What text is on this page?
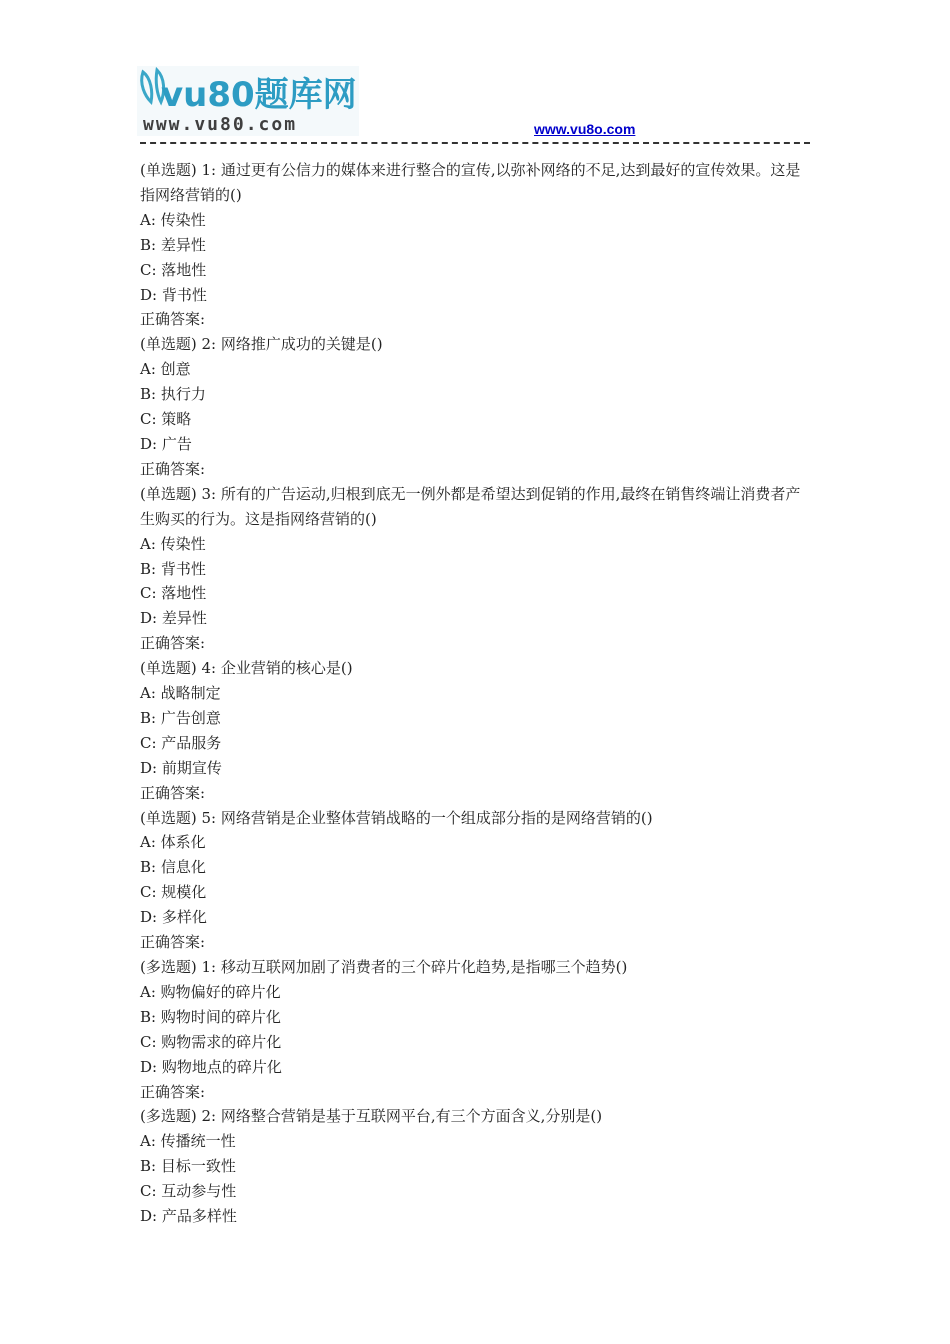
vu80题库网
www.vu80.com	www.vu8o.com
(单选题) 1: 通过更有公信力的媒体来进行整合的宣传,以弥补网络的不足,达到最好的宣传效果。这是指网络营销的()
A: 传染性
B: 差异性
C: 落地性
D: 背书性
正确答案:
(单选题) 2: 网络推广成功的关键是()
A: 创意
B: 执行力
C: 策略
D: 广告
正确答案:
(单选题) 3: 所有的广告运动,归根到底无一例外都是希望达到促销的作用,最终在销售终端让消费者产生购买的行为。这是指网络营销的()
A: 传染性
B: 背书性
C: 落地性
D: 差异性
正确答案:
(单选题) 4: 企业营销的核心是()
A: 战略制定
B: 广告创意
C: 产品服务
D: 前期宣传
正确答案:
(单选题) 5: 网络营销是企业整体营销战略的一个组成部分指的是网络营销的()
A: 体系化
B: 信息化
C: 规模化
D: 多样化
正确答案:
(多选题) 1: 移动互联网加剧了消费者的三个碎片化趋势,是指哪三个趋势()
A: 购物偏好的碎片化
B: 购物时间的碎片化
C: 购物需求的碎片化
D: 购物地点的碎片化
正确答案:
(多选题) 2: 网络整合营销是基于互联网平台,有三个方面含义,分别是()
A: 传播统一性
B: 目标一致性
C: 互动参与性
D: 产品多样性
